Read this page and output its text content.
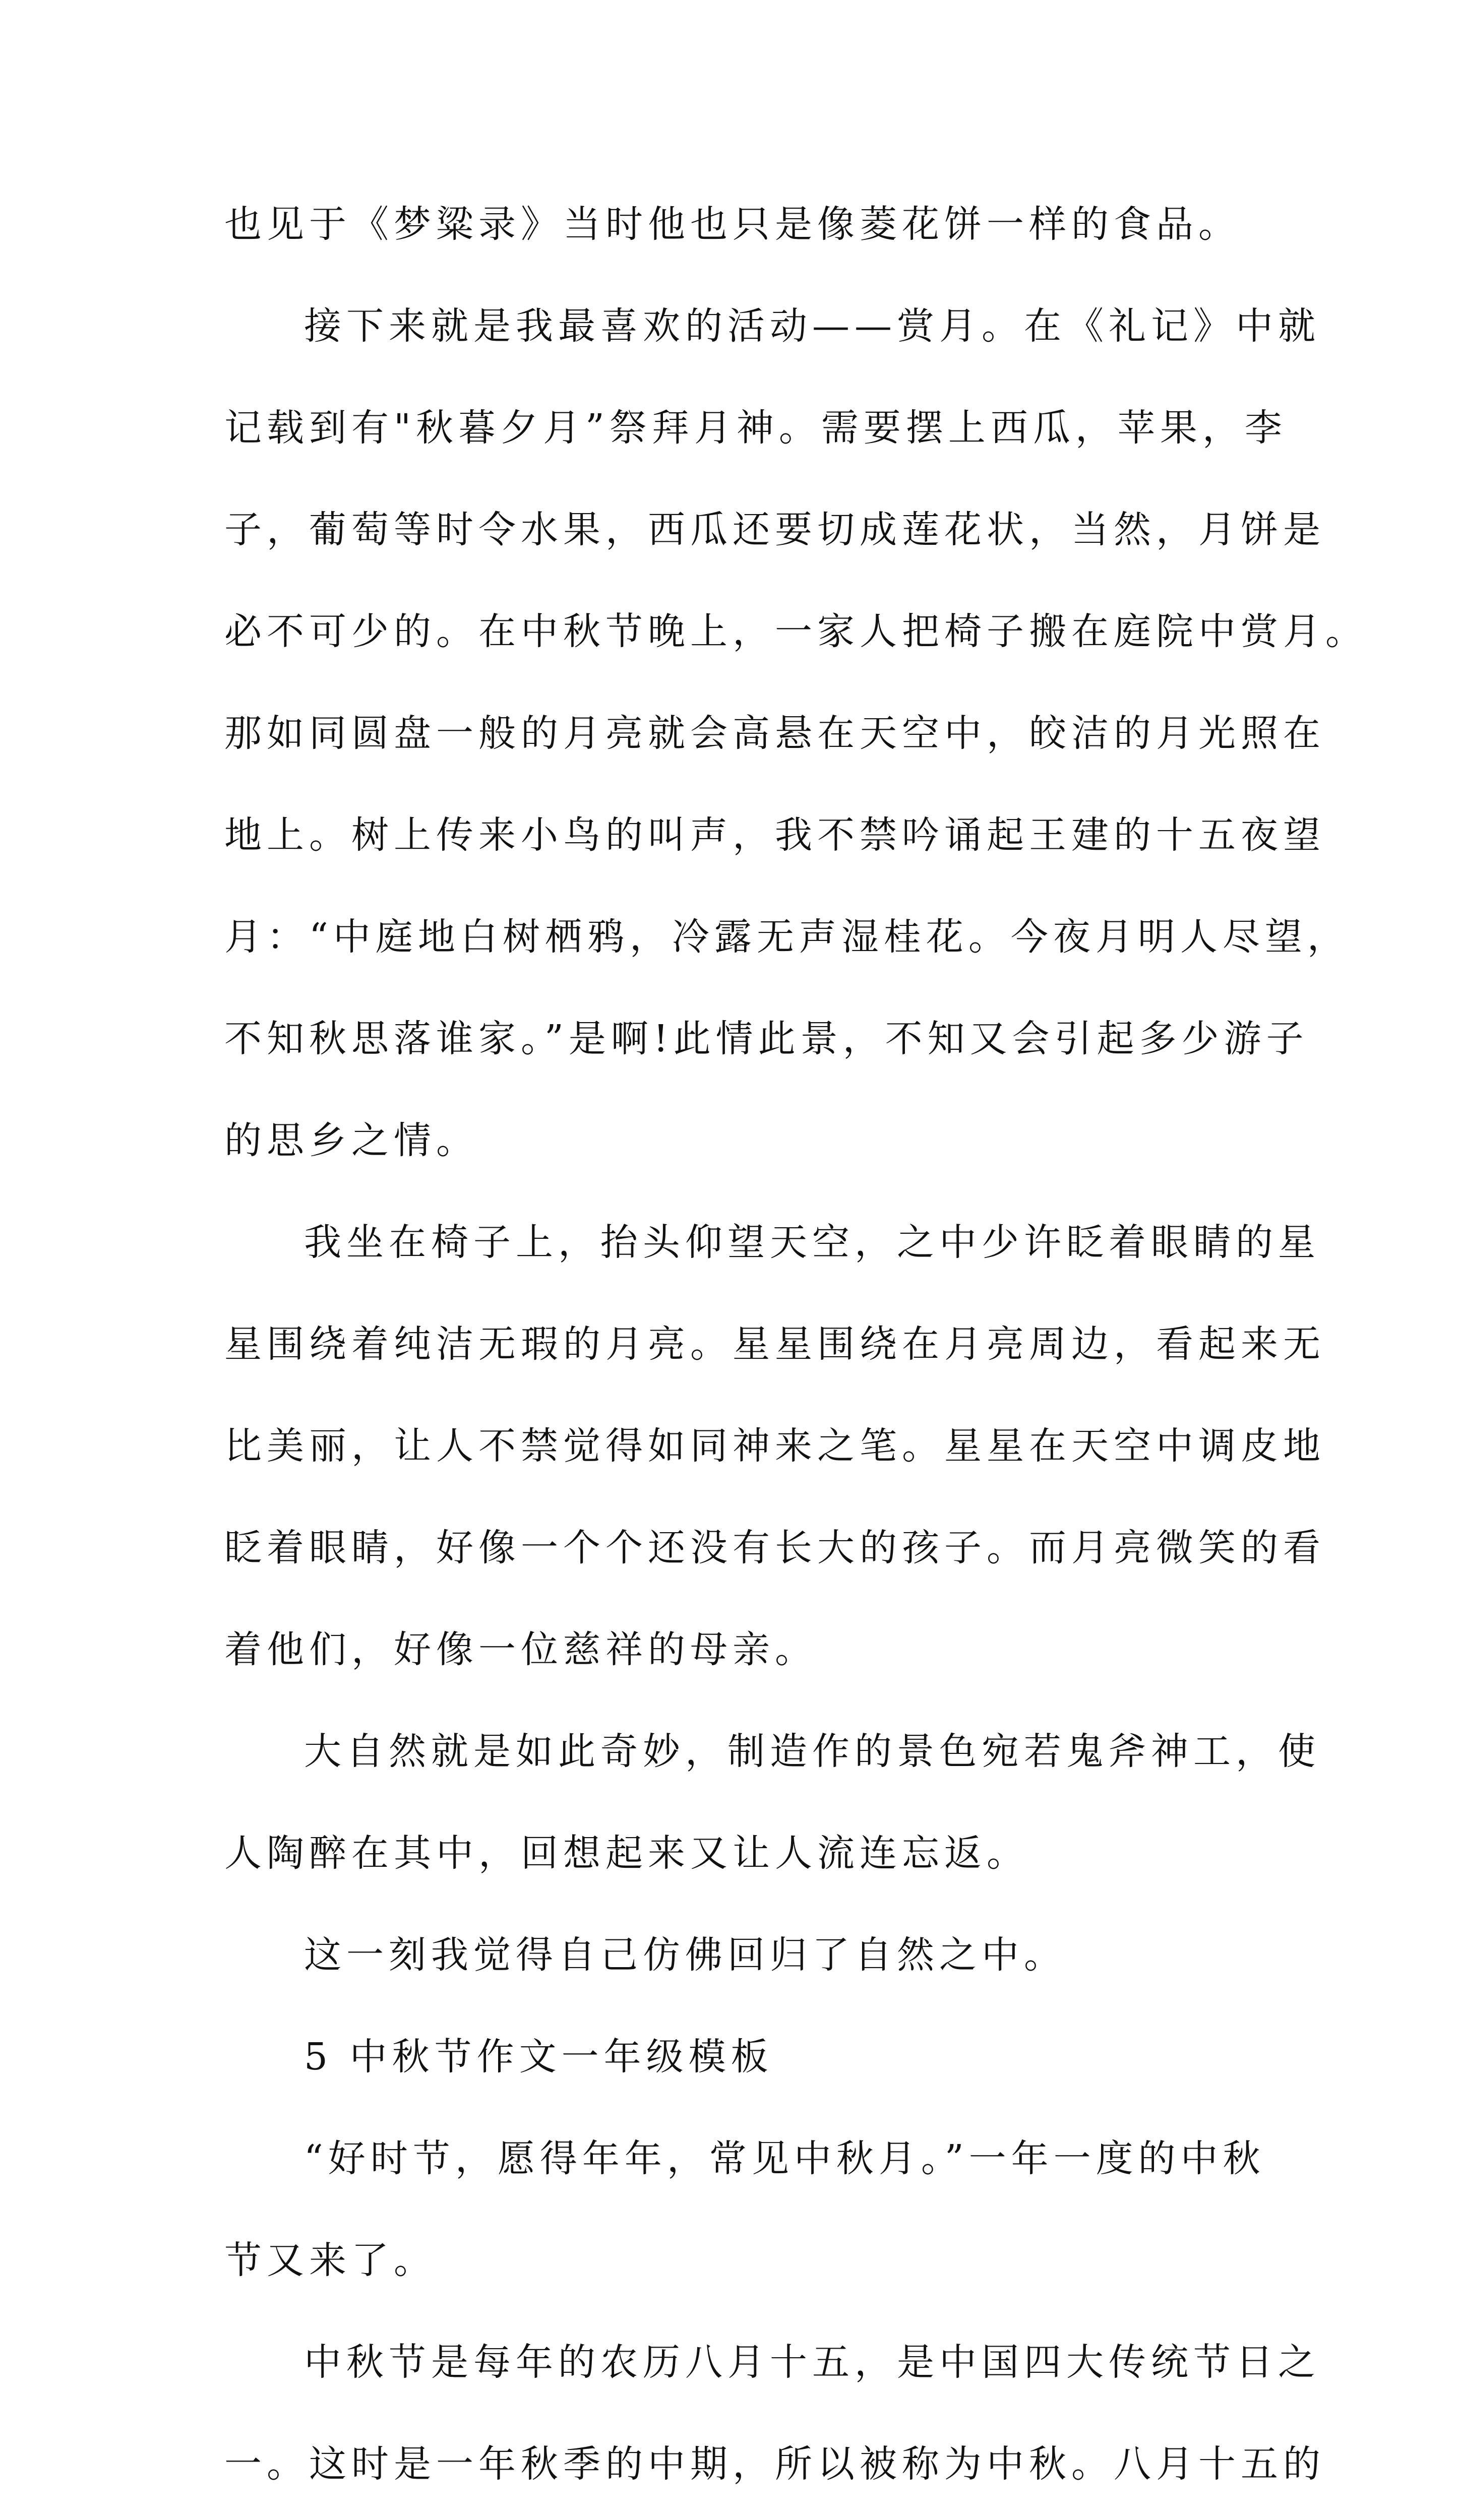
也见于《梦粱录》当时他也只是像菱花饼一样的食品。
接下来就是我最喜欢的活动——赏月。在《礼记》中就
记载到有"秋暮夕月”祭拜月神。需要摆上西瓜，苹果，李
子，葡萄等时令水果，西瓜还要切成莲花状，当然，月饼是
必不可少的。在中秋节晚上，一家人把椅子搬在庭院中赏月。
那如同圆盘一般的月亮就会高悬在天空中，皎洁的月光照在
地上。树上传来小鸟的叫声，我不禁吟诵起王建的十五夜望
月：“中庭地白树栖鸦，冷露无声湿桂花。今夜月明人尽望，
不知秋思落谁家。”是啊!此情此景，不知又会引起多少游子
的思乡之情。
我坐在椅子上，抬头仰望天空，之中少许眨着眼睛的星
星围绕着纯洁无瑕的月亮。星星围绕在月亮周边，看起来无
比美丽，让人不禁觉得如同神来之笔。星星在天空中调皮地
眨着眼睛，好像一个个还没有长大的孩子。而月亮微笑的看
着他们，好像一位慈祥的母亲。
大自然就是如此奇妙，制造作的景色宛若鬼斧神工，使
人陶醉在其中，回想起来又让人流连忘返。
这一刻我觉得自己仿佛回归了自然之中。
5 中秋节作文一年级模板
“好时节，愿得年年，常见中秋月。”一年一度的中秋
节又来了。
中秋节是每年的农历八月十五，是中国四大传统节日之
一。这时是一年秋季的中期，所以被称为中秋。八月十五的
